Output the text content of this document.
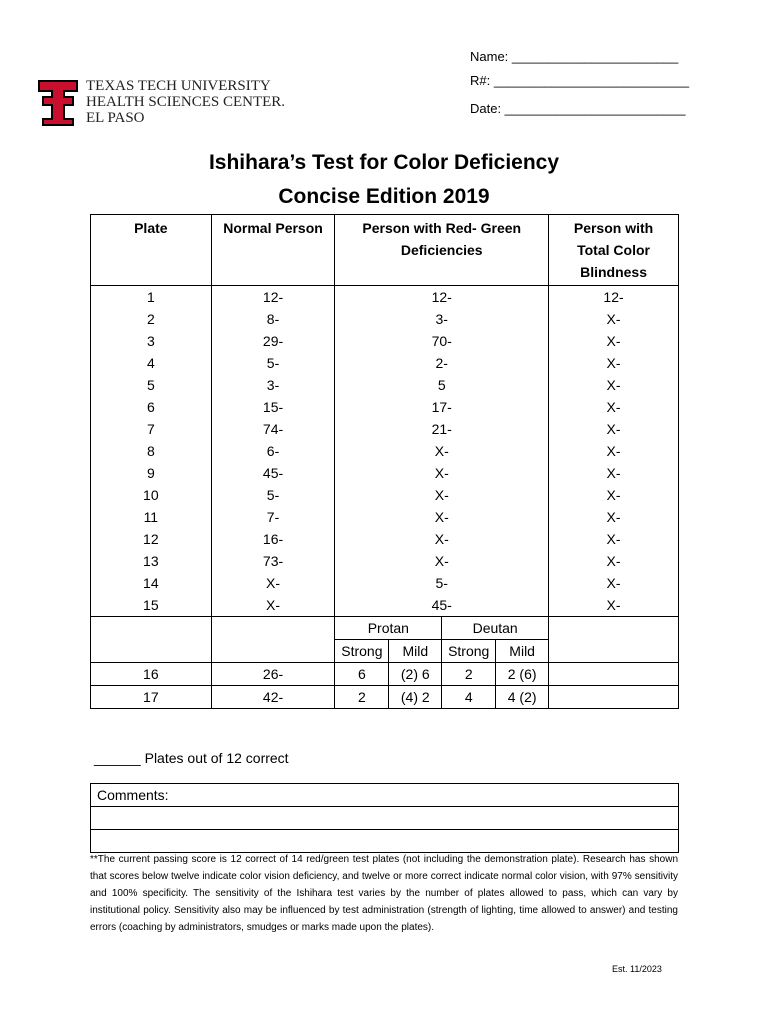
Name: _______________________
R#: ___________________________
Date: _________________________
TEXAS TECH UNIVERSITY
HEALTH SCIENCES CENTER.
EL PASO
Ishihara’s Test for Color Deficiency
Concise Edition 2019
Plate	Normal Person	Person with Red- Green Deficiencies				Person with Total Color Blindness
1	12-	12-				12-
2	8-	3-				X-
3	29-	70-				X-
4	5-	2-				X-
5	3-	5				X-
6	15-	17-				X-
7	74-	21-				X-
8	6-	X-				X-
9	45-	X-				X-
10	5-	X-				X-
11	7-	X-				X-
12	16-	X-				X-
13	73-	X-				X-
14	X-	5-				X-
15	X-	45-				X-
		Protan		Deutan		
		Strong	Mild	Strong	Mild	
16	26-	6	(2) 6	2	2 (6)	
17	42-	2	(4) 2	4	4 (2)	
______ Plates out of 12 correct
Comments:
**The current passing score is 12 correct of 14 red/green test plates (not including the demonstration plate). Research has shown that scores below twelve indicate color vision deficiency, and twelve or more correct indicate normal color vision, with 97% sensitivity and 100% specificity. The sensitivity of the Ishihara test varies by the number of plates allowed to pass, which can vary by institutional policy. Sensitivity also may be influenced by test administration (strength of lighting, time allowed to answer) and testing errors (coaching by administrators, smudges or marks made upon the plates).
Est. 11/2023
